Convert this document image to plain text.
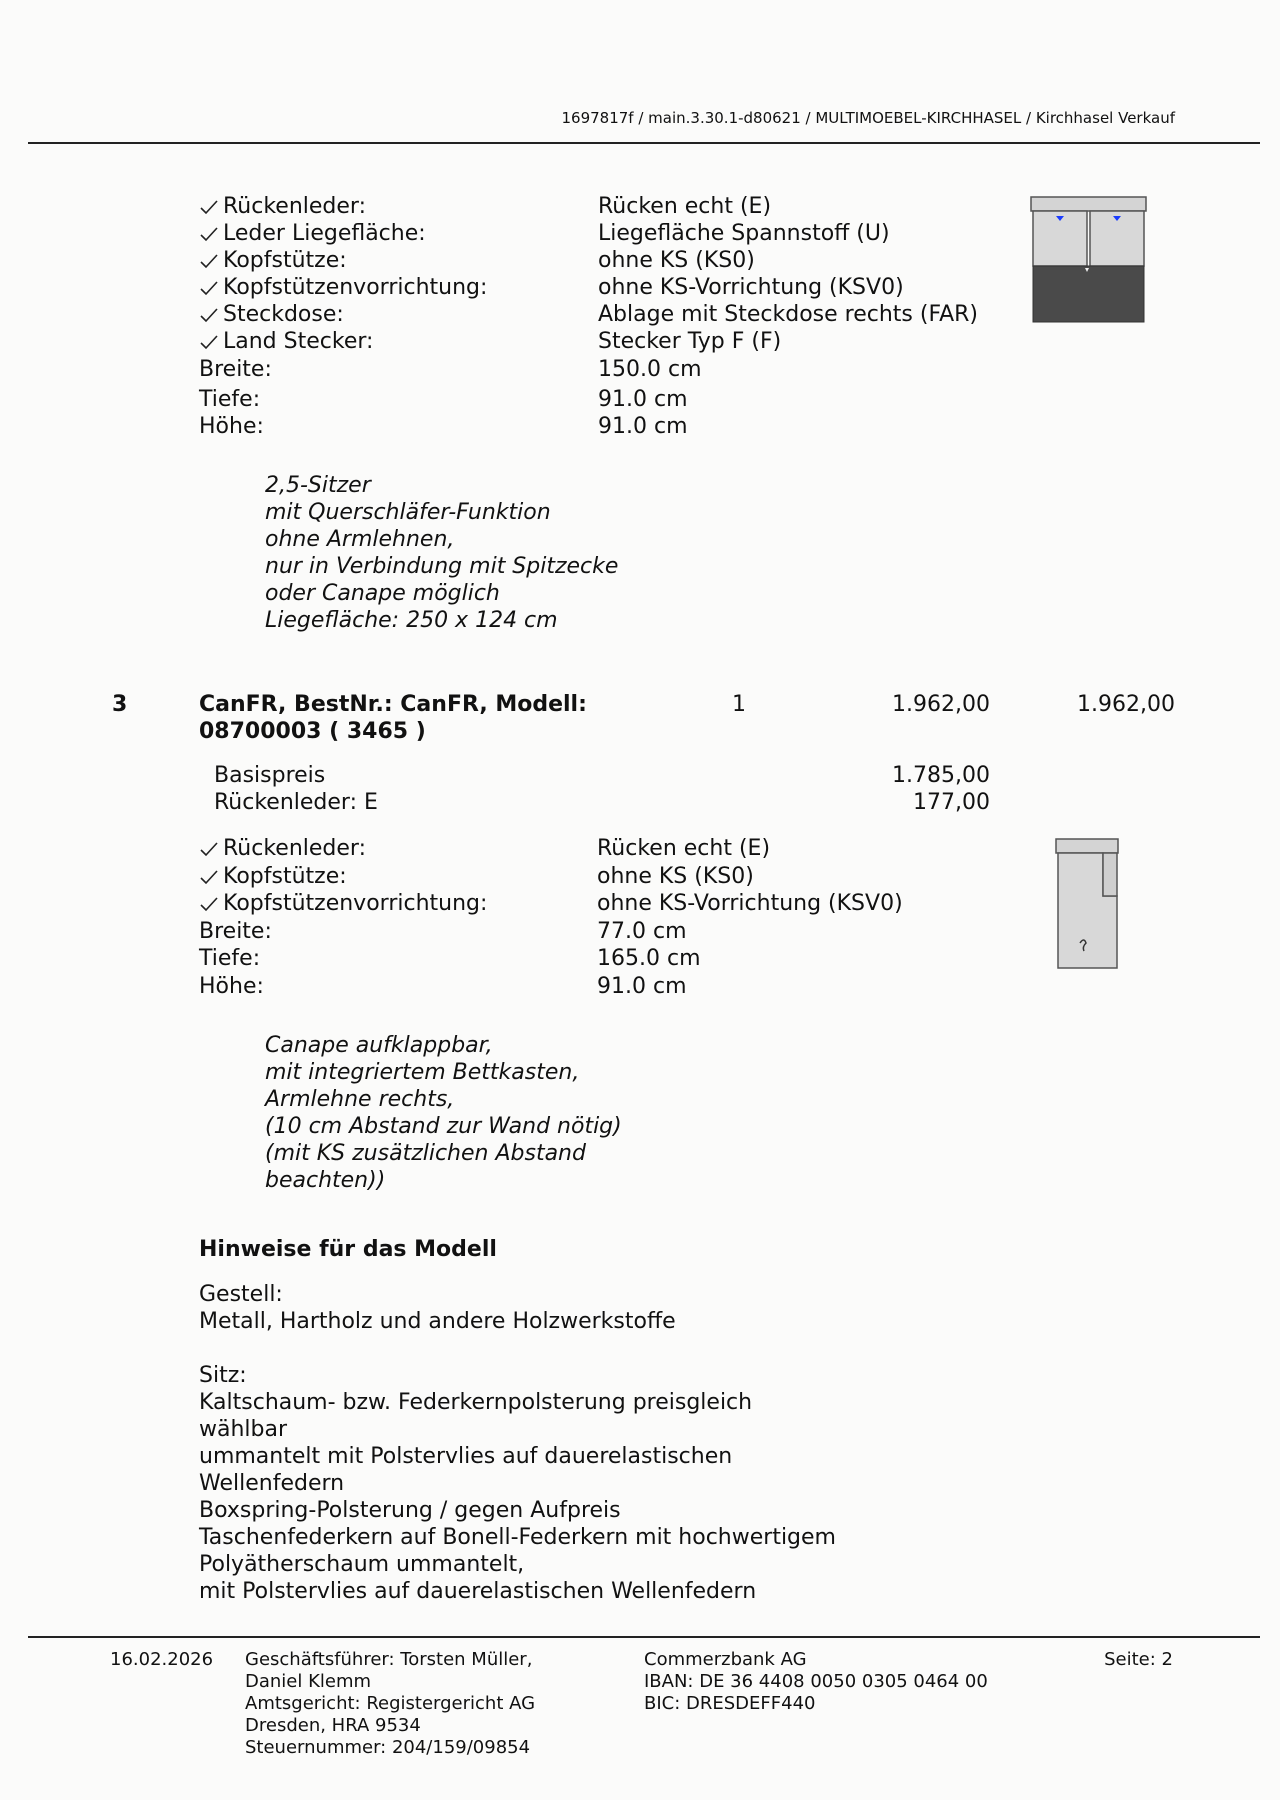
1697817f / main.3.30.1-d80621 / MULTIMOEBEL-KIRCHHASEL / Kirchhasel Verkauf
Rückenleder:	Rücken echt (E)
Leder Liegefläche:	Liegefläche Spannstoff (U)
Kopfstütze:	ohne KS (KS0)
Kopfstützenvorrichtung:	ohne KS-Vorrichtung (KSV0)
Steckdose:	Ablage mit Steckdose rechts (FAR)
Land Stecker:	Stecker Typ F (F)
Breite:	150.0 cm
Tiefe:	91.0 cm
Höhe:	91.0 cm
2,5-Sitzer
mit Querschläfer-Funktion
ohne Armlehnen,
nur in Verbindung mit Spitzecke
oder Canape möglich
Liegefläche: 250 x 124 cm
3	CanFR, BestNr.: CanFR, Modell:
08700003 ( 3465 )
1	1.962,00	1.962,00
Basispreis	1.785,00
Rückenleder: E	177,00
Rückenleder:	Rücken echt (E)
Kopfstütze:	ohne KS (KS0)
Kopfstützenvorrichtung:	ohne KS-Vorrichtung (KSV0)
Breite:	77.0 cm
Tiefe:	165.0 cm
Höhe:	91.0 cm
Canape aufklappbar,
mit integriertem Bettkasten,
Armlehne rechts,
(10 cm Abstand zur Wand nötig)
(mit KS zusätzlichen Abstand
beachten))
Hinweise für das Modell
Gestell:
Metall, Hartholz und andere Holzwerkstoffe
Sitz:
Kaltschaum- bzw. Federkernpolsterung preisgleich
wählbar
ummantelt mit Polstervlies auf dauerelastischen
Wellenfedern
Boxspring-Polsterung / gegen Aufpreis
Taschenfederkern auf Bonell-Federkern mit hochwertigem
Polyätherschaum ummantelt,
mit Polstervlies auf dauerelastischen Wellenfedern
16.02.2026 Geschäftsführer: Torsten Müller,
Daniel Klemm
Amtsgericht: Registergericht AG
Dresden, HRA 9534
Steuernummer: 204/159/09854
Commerzbank AG
IBAN: DE 36 4408 0050 0305 0464 00
BIC: DRESDEFF440
Seite: 2
